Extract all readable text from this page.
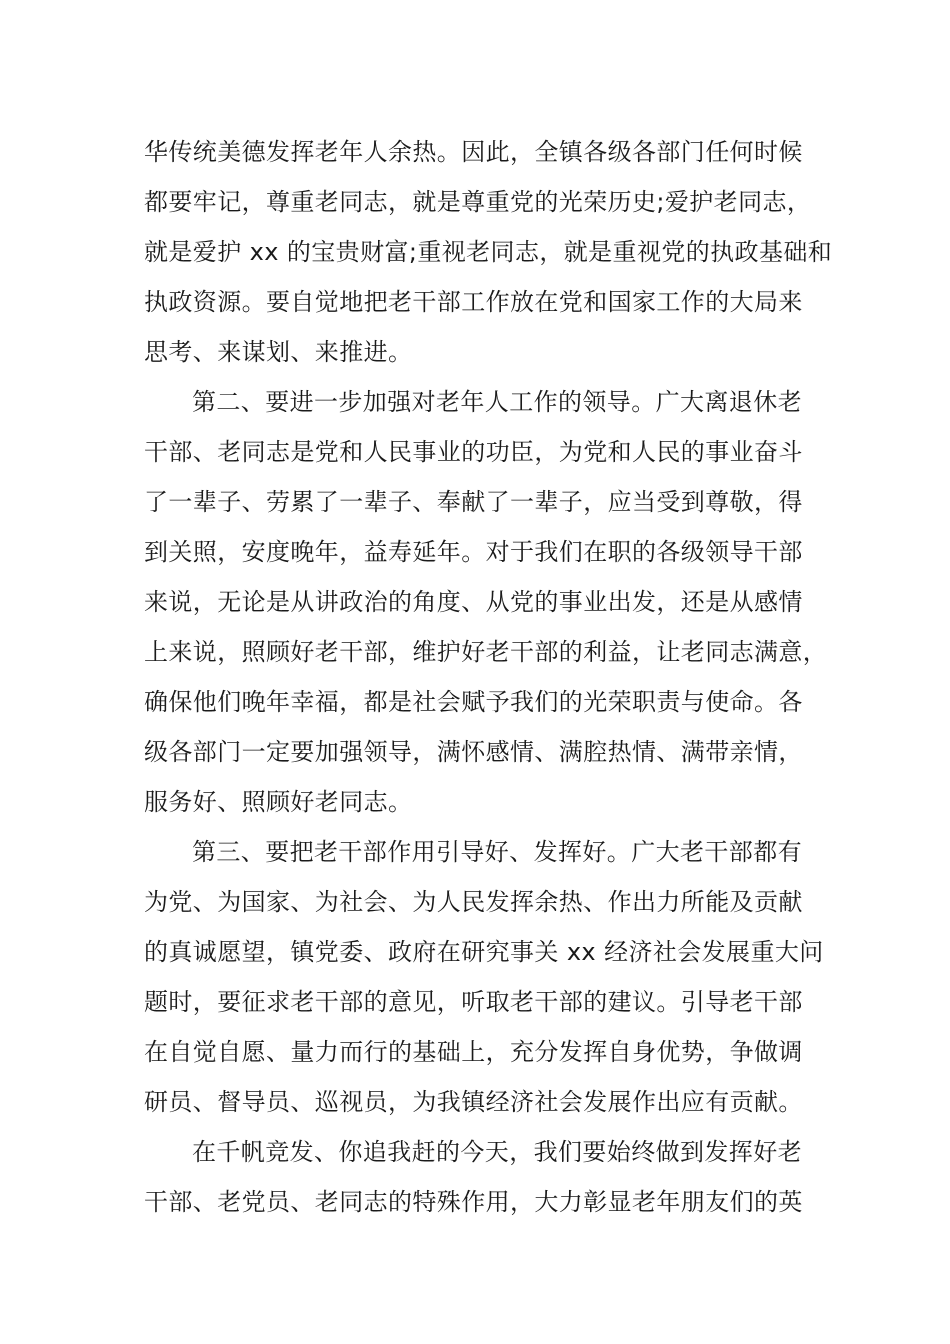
华传统美德发挥老年人余热。因此，全镇各级各部门任何时候
都要牢记，尊重老同志，就是尊重党的光荣历史;爱护老同志，
就是爱护 xx 的宝贵财富;重视老同志，就是重视党的执政基础和
执政资源。要自觉地把老干部工作放在党和国家工作的大局来
思考、来谋划、来推进。
第二、要进一步加强对老年人工作的领导。广大离退休老
干部、老同志是党和人民事业的功臣，为党和人民的事业奋斗
了一辈子、劳累了一辈子、奉献了一辈子，应当受到尊敬，得
到关照，安度晚年，益寿延年。对于我们在职的各级领导干部
来说，无论是从讲政治的角度、从党的事业出发，还是从感情
上来说，照顾好老干部，维护好老干部的利益，让老同志满意，
确保他们晚年幸福，都是社会赋予我们的光荣职责与使命。各
级各部门一定要加强领导，满怀感情、满腔热情、满带亲情，
服务好、照顾好老同志。
第三、要把老干部作用引导好、发挥好。广大老干部都有
为党、为国家、为社会、为人民发挥余热、作出力所能及贡献
的真诚愿望，镇党委、政府在研究事关 xx 经济社会发展重大问
题时，要征求老干部的意见，听取老干部的建议。引导老干部
在自觉自愿、量力而行的基础上，充分发挥自身优势，争做调
研员、督导员、巡视员，为我镇经济社会发展作出应有贡献。
在千帆竞发、你追我赶的今天，我们要始终做到发挥好老
干部、老党员、老同志的特殊作用，大力彰显老年朋友们的英
